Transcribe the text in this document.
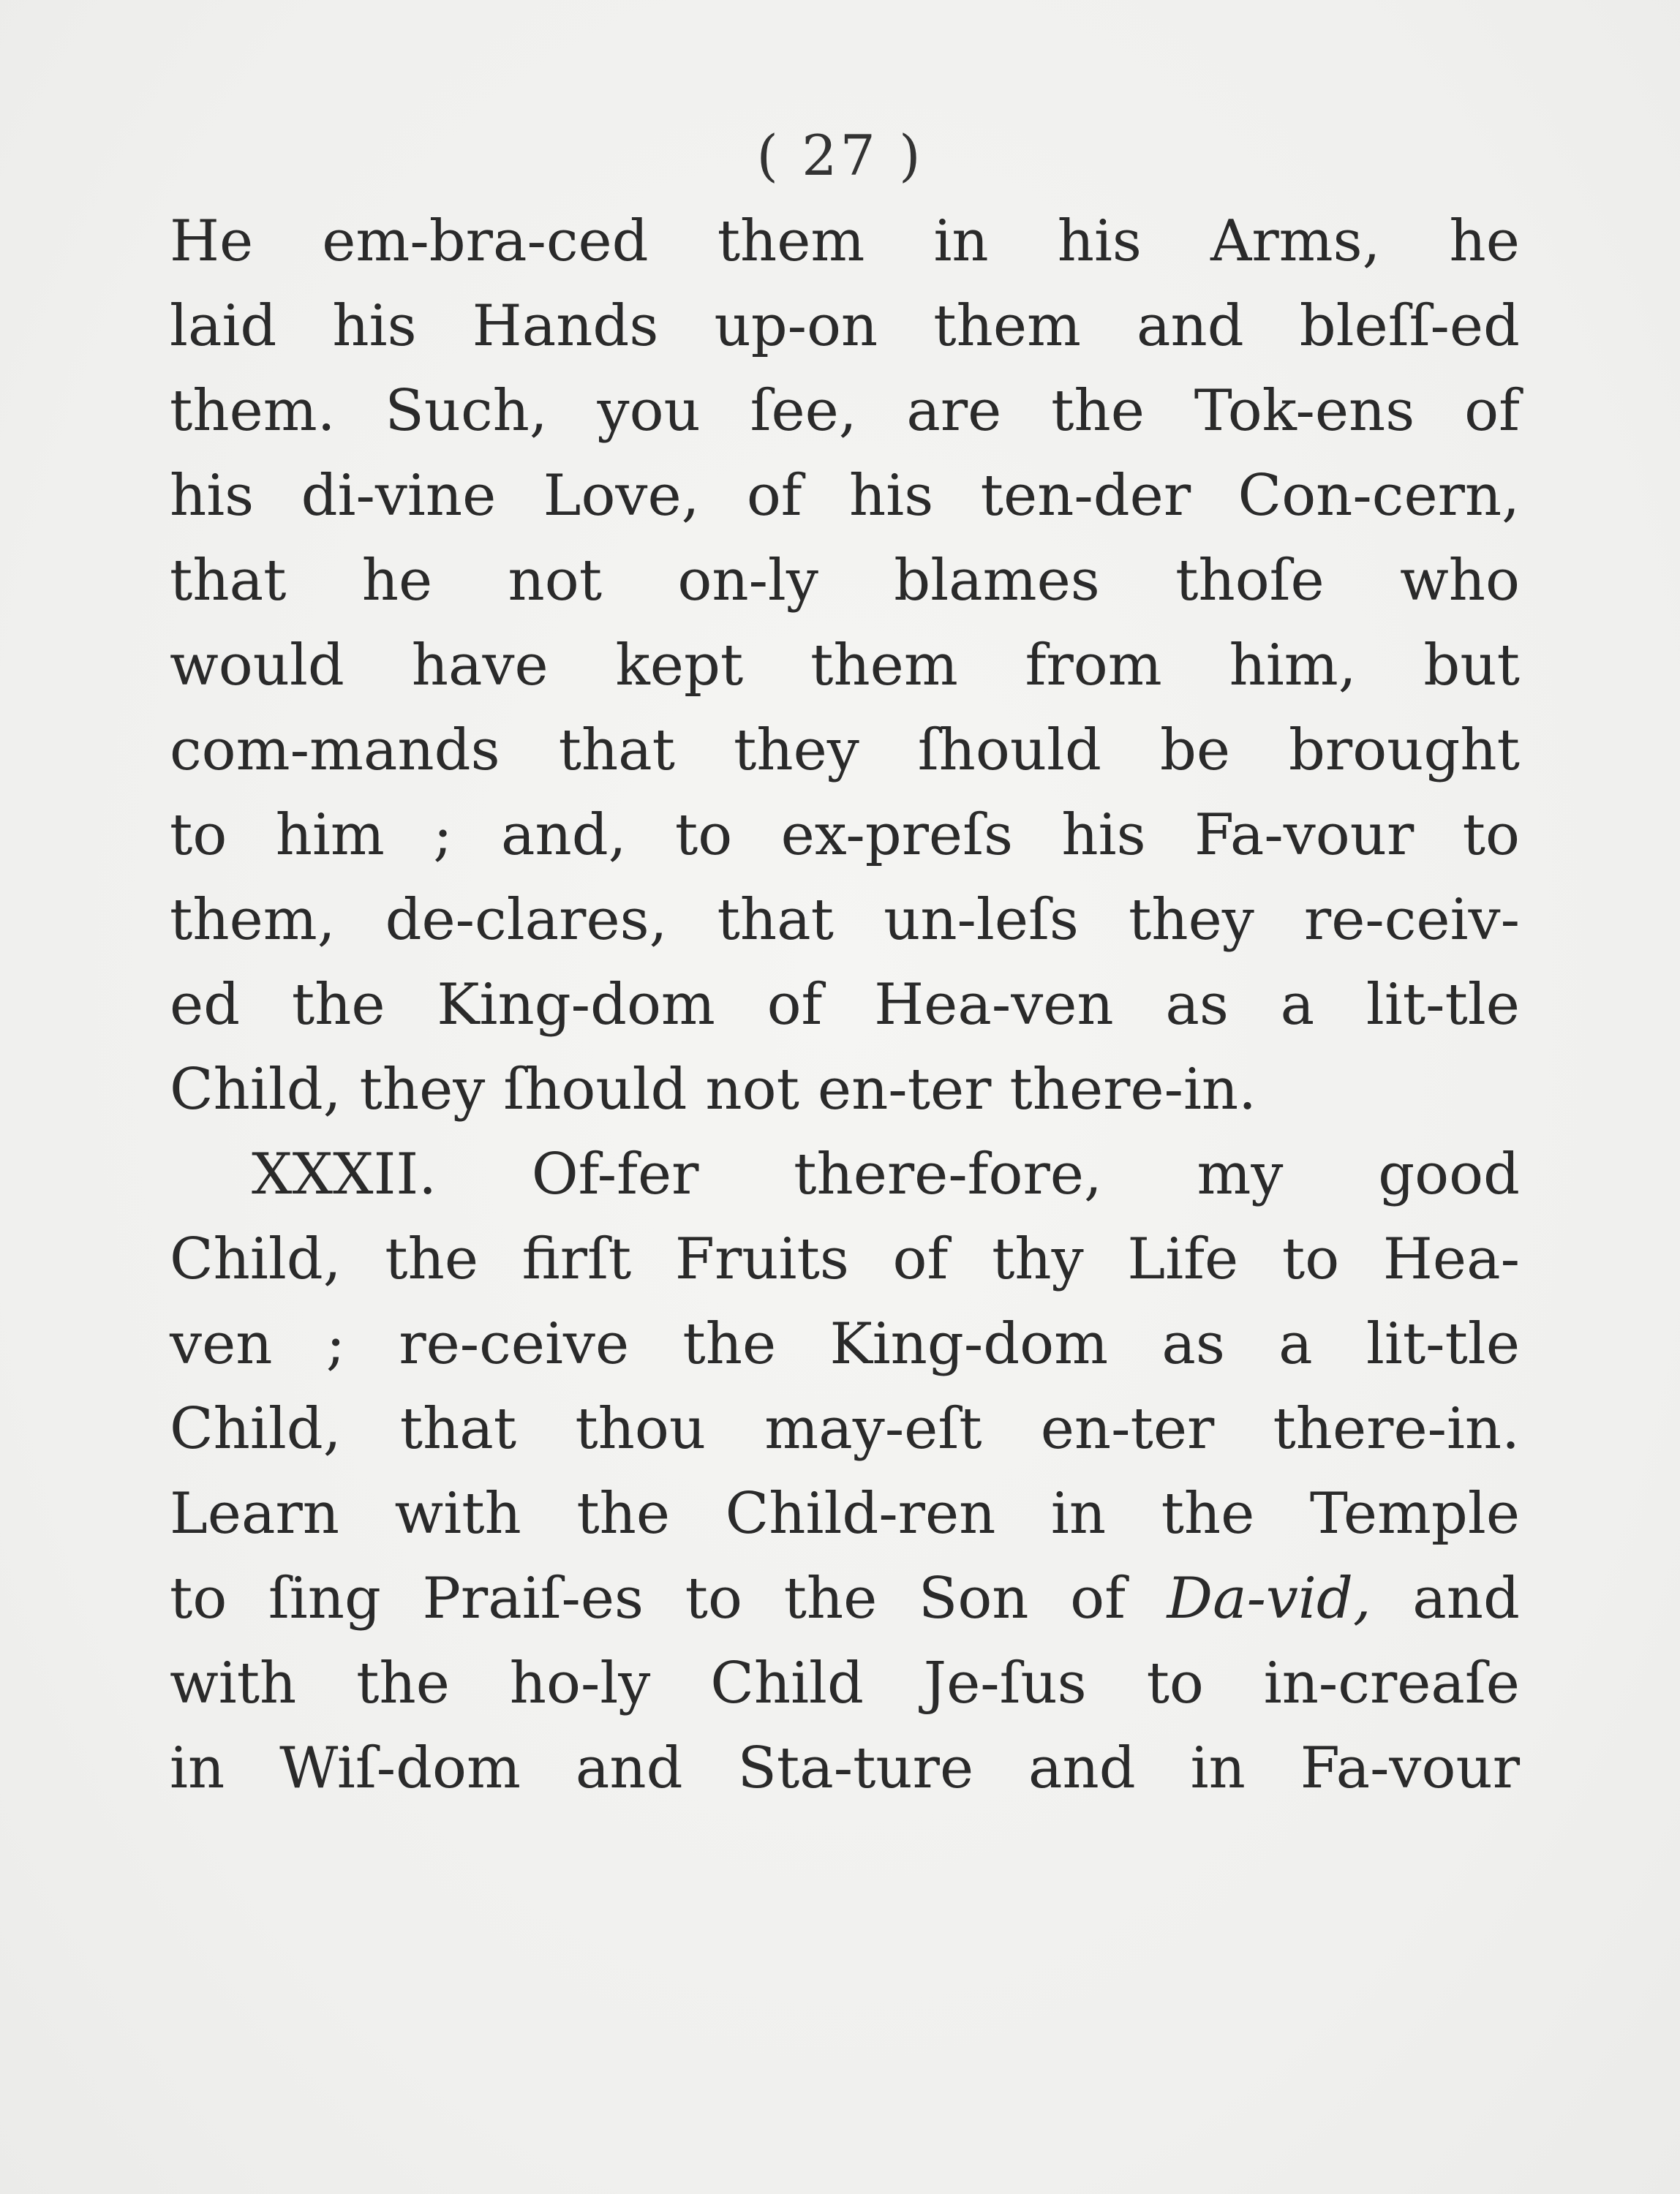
( 27 )
He em-bra-ced them in his Arms, he
laid his Hands up-on them and bleſſ-ed
them. Such, you ſee, are the Tok-ens of
his di-vine Love, of his ten-der Con-cern,
that he not on-ly blames thoſe who
would have kept them from him, but
com-mands that they ſhould be brought
to him ; and, to ex-preſs his Fa-vour to
them, de-clares, that un-leſs they re-ceiv-
ed the King-dom of Hea-ven as a lit-tle
Child, they ſhould not en-ter there-in.
XXXII. Of-fer there-fore, my good
Child, the firſt Fruits of thy Life to Hea-
ven ; re-ceive the King-dom as a lit-tle
Child, that thou may-eſt en-ter there-in.
Learn with the Child-ren in the Temple
to ſing Praiſ-es to the Son of Da-vid, and
with the ho-ly Child Je-ſus to in-creaſe
in Wiſ-dom and Sta-ture and in Fa-vour
